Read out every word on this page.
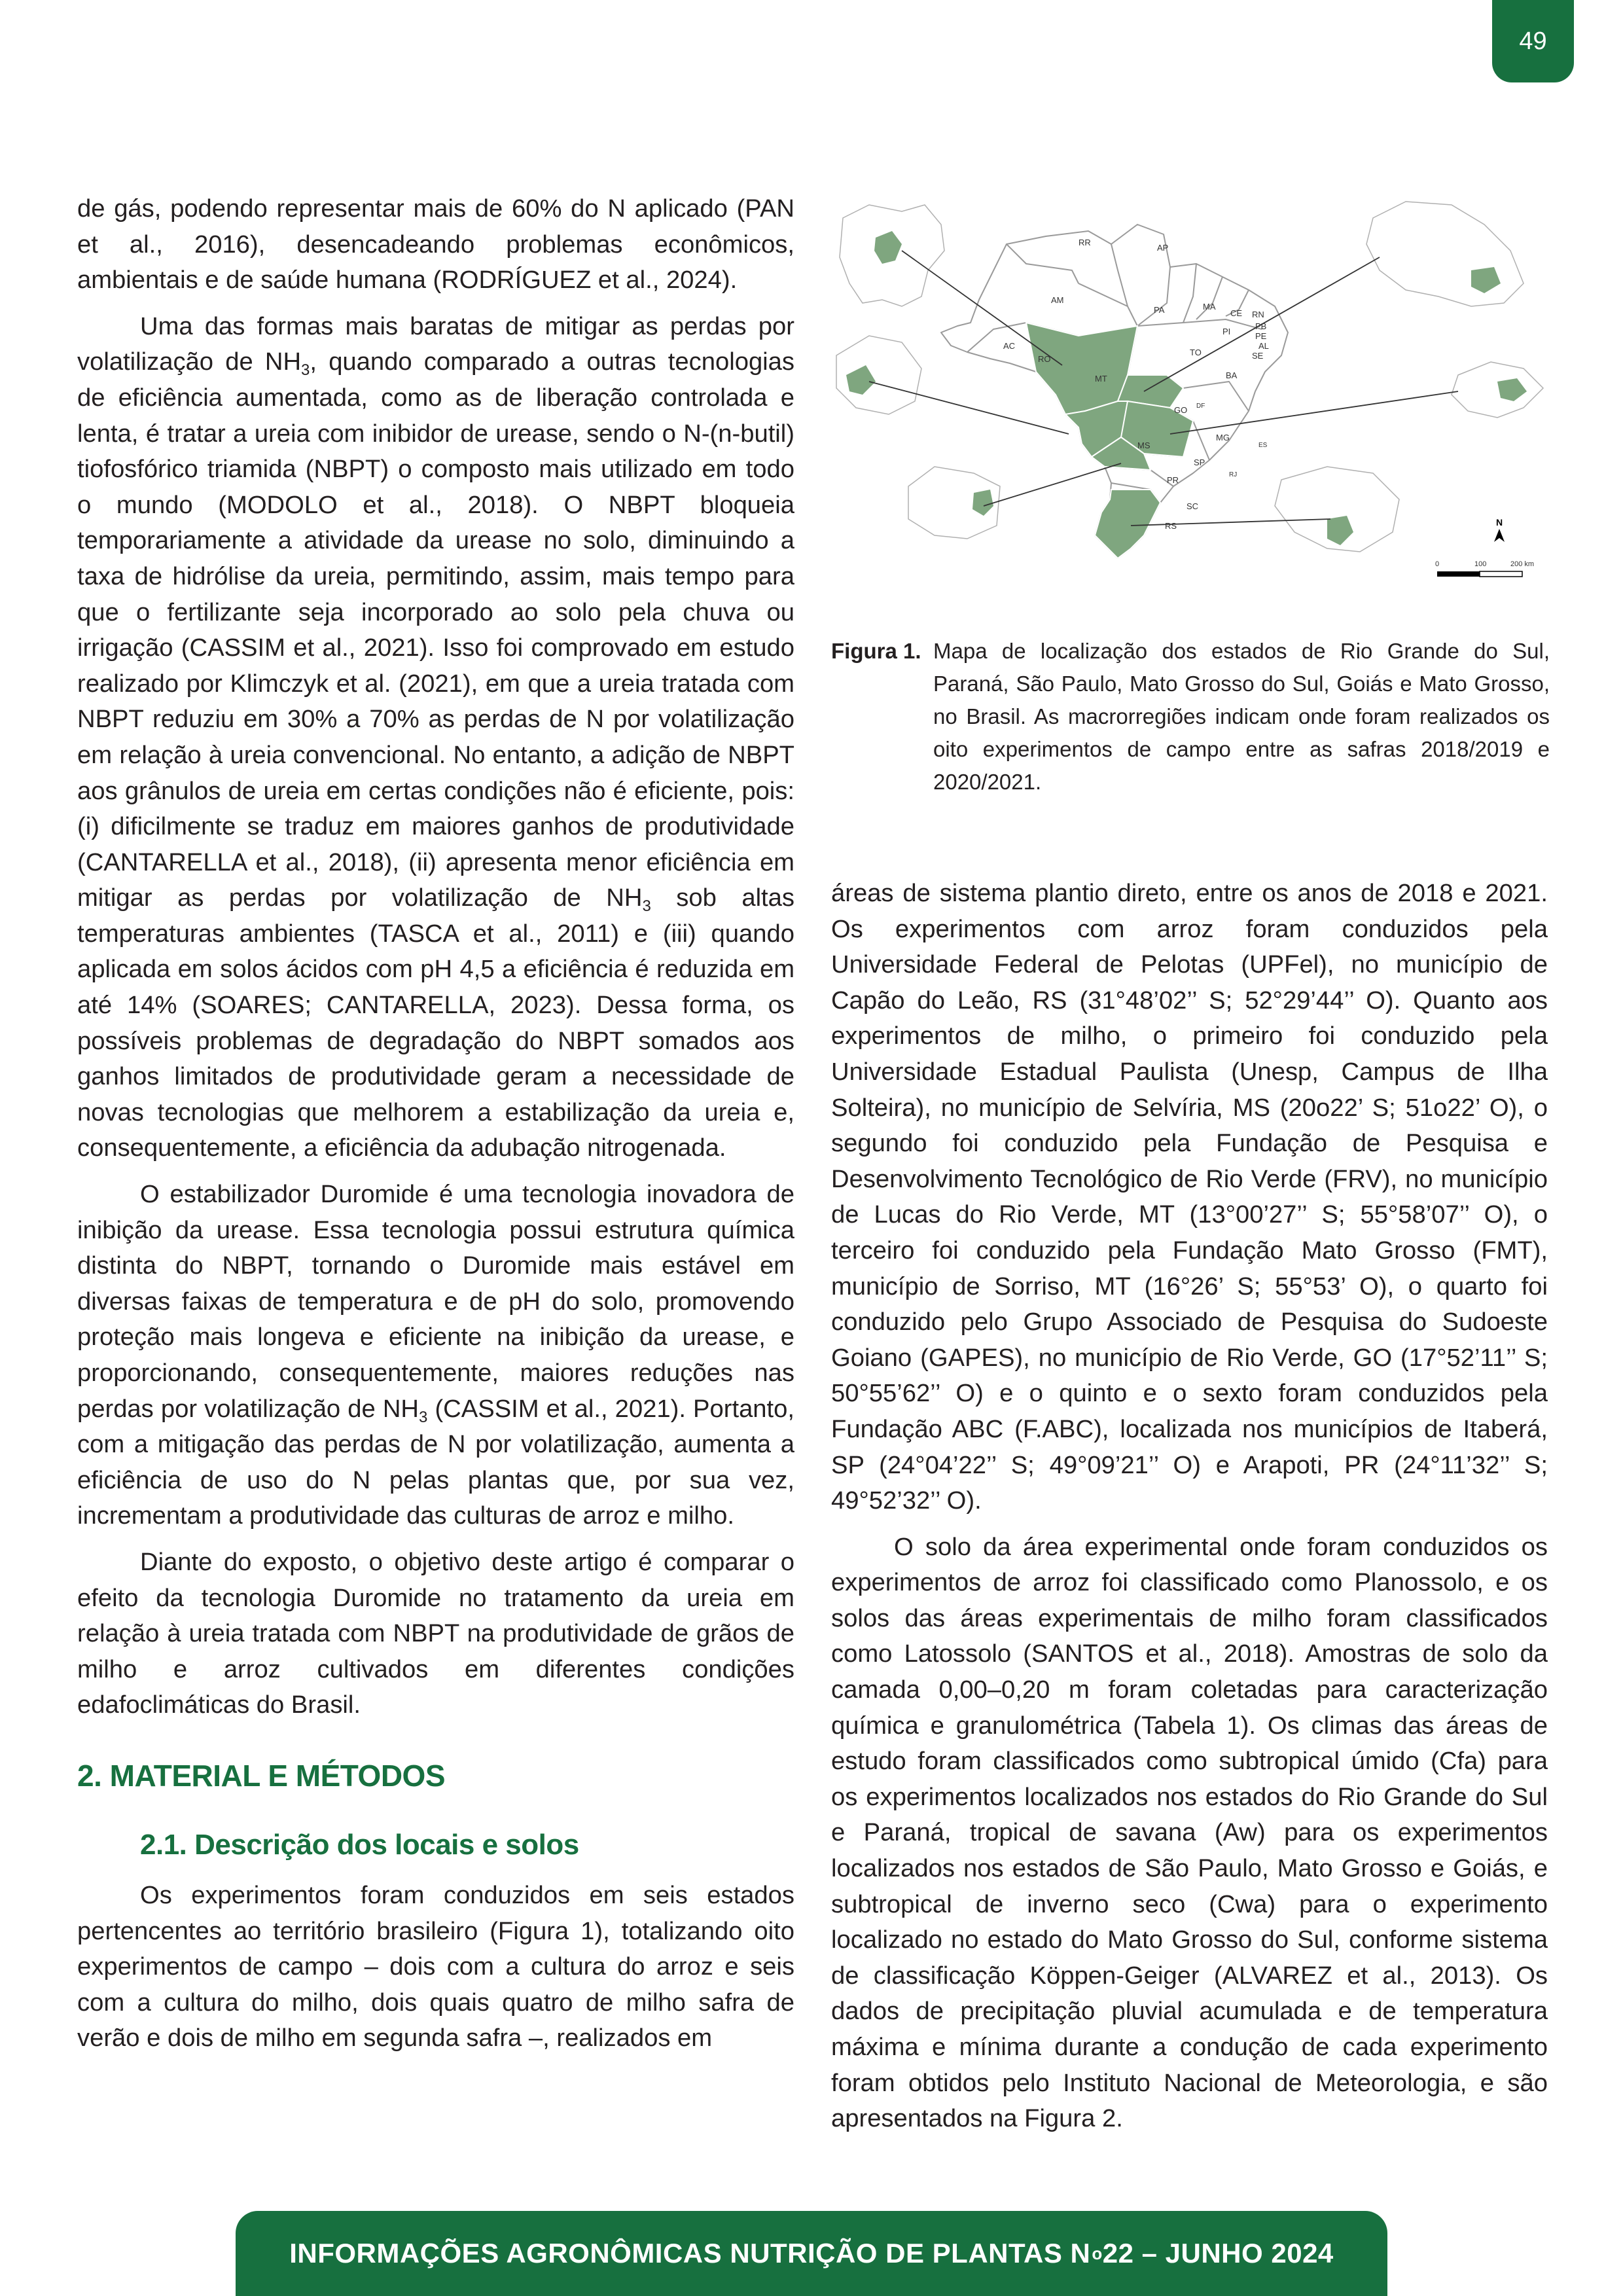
49

de gás, podendo representar mais de 60% do N aplicado (PAN et al., 2016), desencadeando problemas econômicos, ambientais e de saúde humana (RODRÍGUEZ et al., 2024).

Uma das formas mais baratas de mitigar as perdas por volatilização de $NH_3$, quando comparado a outras tecnologias de eficiência aumentada, como as de liberação controlada e lenta, é tratar a ureia com inibidor de urease, sendo o N-(n-butil) tiofosfórico triamida (NBPT) o composto mais utilizado em todo o mundo (MODOLO et al., 2018). O NBPT bloqueia temporariamente a atividade da urease no solo, diminuindo a taxa de hidrólise da ureia, permitindo, assim, mais tempo para que o fertilizante seja incorporado ao solo pela chuva ou irrigação (CASSIM et al., 2021). Isso foi comprovado em estudo realizado por Klimczyk et al. (2021), em que a ureia tratada com NBPT reduziu em 30% a 70% as perdas de N por volatilização em relação à ureia convencional. No entanto, a adição de NBPT aos grânulos de ureia em certas condições não é eficiente, pois: (i) dificilmente se traduz em maiores ganhos de produtividade (CANTARELLA et al., 2018), (ii) apresenta menor eficiência em mitigar as perdas por volatilização de $NH_3$ sob altas temperaturas ambientes (TASCA et al., 2011) e (iii) quando aplicada em solos ácidos com pH 4,5 a eficiência é reduzida em até 14% (SOARES; CANTARELLA, 2023). Dessa forma, os possíveis problemas de degradação do NBPT somados aos ganhos limitados de produtividade geram a necessidade de novas tecnologias que melhorem a estabilização da ureia e, consequentemente, a eficiência da adubação nitrogenada.

O estabilizador Duromide é uma tecnologia inovadora de inibição da urease. Essa tecnologia possui estrutura química distinta do NBPT, tornando o Duromide mais estável em diversas faixas de temperatura e de pH do solo, promovendo proteção mais longeva e eficiente na inibição da urease, e proporcionando, consequentemente, maiores reduções nas perdas por volatilização de $NH_3$ (CASSIM et al., 2021). Portanto, com a mitigação das perdas de N por volatilização, aumenta a eficiência de uso do N pelas plantas que, por sua vez, incrementam a produtividade das culturas de arroz e milho.

Diante do exposto, o objetivo deste artigo é comparar o efeito da tecnologia Duromide no tratamento da ureia em relação à ureia tratada com NBPT na produtividade de grãos de milho e arroz cultivados em diferentes condições edafoclimáticas do Brasil.

2. MATERIAL E MÉTODOS
2.1. Descrição dos locais e solos

Os experimentos foram conduzidos em seis estados pertencentes ao território brasileiro (Figura 1), totalizando oito experimentos de campo – dois com a cultura do arroz e seis com a cultura do milho, dois quais quatro de milho safra de verão e dois de milho em segunda safra –, realizados em

RR
AP
AM
PA	MA
CE RN
PB
PE
AL
SE
PI
AC
RO
TO
BA
MT
GO DF
MG
ES
MS
SP
RJ
PR
SC
RS	N
0	100	200 km
Figura 1. Mapa de localização dos estados de Rio Grande do Sul, Paraná, São Paulo, Mato Grosso do Sul, Goiás e Mato Grosso, no Brasil. As macrorregiões indicam onde foram realizados os oito experimentos de campo entre as safras 2018/2019 e 2020/2021.

áreas de sistema plantio direto, entre os anos de 2018 e 2021. Os experimentos com arroz foram conduzidos pela Universidade Federal de Pelotas (UPFel), no município de Capão do Leão, RS (31°48’02’’ S; 52°29’44’’ O). Quanto aos experimentos de milho, o primeiro foi conduzido pela Universidade Estadual Paulista (Unesp, Campus de Ilha Solteira), no município de Selvíria, MS (20o22’ S; 51o22’ O), o segundo foi conduzido pela Fundação de Pesquisa e Desenvolvimento Tecnológico de Rio Verde (FRV), no município de Lucas do Rio Verde, MT (13°00’27’’ S; 55°58’07’’ O), o terceiro foi conduzido pela Fundação Mato Grosso (FMT), município de Sorriso, MT (16°26’ S; 55°53’ O), o quarto foi conduzido pelo Grupo Associado de Pesquisa do Sudoeste Goiano (GAPES), no município de Rio Verde, GO (17°52’11’’ S; 50°55’62’’ O) e o quinto e o sexto foram conduzidos pela Fundação ABC (F.ABC), localizada nos municípios de Itaberá, SP (24°04’22’’ S; 49°09’21’’ O) e Arapoti, PR (24°11’32’’ S; 49°52’32’’ O).

O solo da área experimental onde foram conduzidos os experimentos de arroz foi classificado como Planossolo, e os solos das áreas experimentais de milho foram classificados como Latossolo (SANTOS et al., 2018). Amostras de solo da camada 0,00–0,20 m foram coletadas para caracterização química e granulométrica (Tabela 1). Os climas das áreas de estudo foram classificados como subtropical úmido (Cfa) para os experimentos localizados nos estados do Rio Grande do Sul e Paraná, tropical de savana (Aw) para os experimentos localizados nos estados de São Paulo, Mato Grosso e Goiás, e subtropical de inverno seco (Cwa) para o experimento localizado no estado do Mato Grosso do Sul, conforme sistema de classificação Köppen-Geiger (ALVAREZ et al., 2013). Os dados de precipitação pluvial acumulada e de temperatura máxima e mínima durante a condução de cada experimento foram obtidos pelo Instituto Nacional de Meteorologia, e são apresentados na Figura 2.

INFORMAÇÕES AGRONÔMICAS NUTRIÇÃO DE PLANTAS N o 22 – JUNHO 2024
